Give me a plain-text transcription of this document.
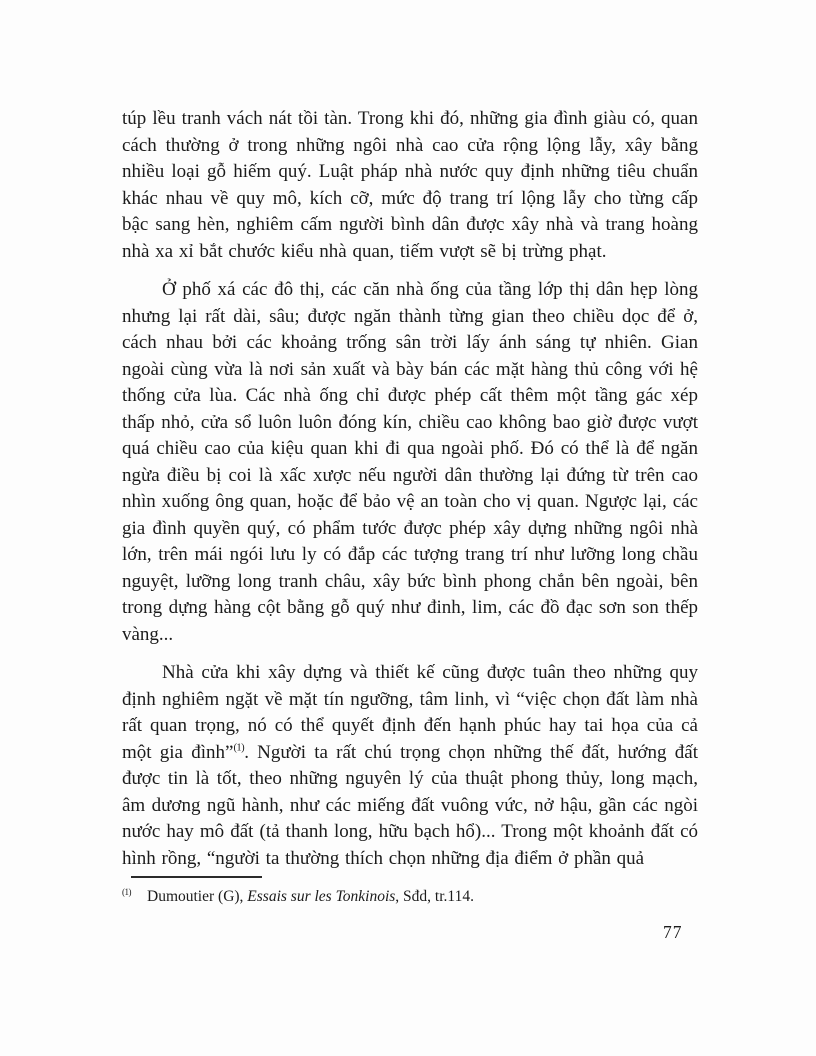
túp lều tranh vách nát tồi tàn. Trong khi đó, những gia đình giàu có, quan cách thường ở trong những ngôi nhà cao cửa rộng lộng lẫy, xây bằng nhiều loại gỗ hiếm quý. Luật pháp nhà nước quy định những tiêu chuẩn khác nhau về quy mô, kích cỡ, mức độ trang trí lộng lẫy cho từng cấp bậc sang hèn, nghiêm cấm người bình dân được xây nhà và trang hoàng nhà xa xỉ bắt chước kiểu nhà quan, tiếm vượt sẽ bị trừng phạt.

Ở phố xá các đô thị, các căn nhà ống của tầng lớp thị dân hẹp lòng nhưng lại rất dài, sâu; được ngăn thành từng gian theo chiều dọc để ở, cách nhau bởi các khoảng trống sân trời lấy ánh sáng tự nhiên. Gian ngoài cùng vừa là nơi sản xuất và bày bán các mặt hàng thủ công với hệ thống cửa lùa. Các nhà ống chỉ được phép cất thêm một tầng gác xép thấp nhỏ, cửa sổ luôn luôn đóng kín, chiều cao không bao giờ được vượt quá chiều cao của kiệu quan khi đi qua ngoài phố. Đó có thể là để ngăn ngừa điều bị coi là xấc xược nếu người dân thường lại đứng từ trên cao nhìn xuống ông quan, hoặc để bảo vệ an toàn cho vị quan. Ngược lại, các gia đình quyền quý, có phẩm tước được phép xây dựng những ngôi nhà lớn, trên mái ngói lưu ly có đắp các tượng trang trí như lưỡng long chầu nguyệt, lưỡng long tranh châu, xây bức bình phong chắn bên ngoài, bên trong dựng hàng cột bằng gỗ quý như đinh, lim, các đồ đạc sơn son thếp vàng...

Nhà cửa khi xây dựng và thiết kế cũng được tuân theo những quy định nghiêm ngặt về mặt tín ngưỡng, tâm linh, vì “việc chọn đất làm nhà rất quan trọng, nó có thể quyết định đến hạnh phúc hay tai họa của cả một gia đình”$^{(1)}$. Người ta rất chú trọng chọn những thế đất, hướng đất được tin là tốt, theo những nguyên lý của thuật phong thủy, long mạch, âm dương ngũ hành, như các miếng đất vuông vức, nở hậu, gần các ngòi nước hay mô đất (tả thanh long, hữu bạch hổ)... Trong một khoảnh đất có hình rồng, “người ta thường thích chọn những địa điểm ở phần quả

$^{(1)}$ Dumoutier (G), Essais sur les Tonkinois, Sđd, tr.114.
77
